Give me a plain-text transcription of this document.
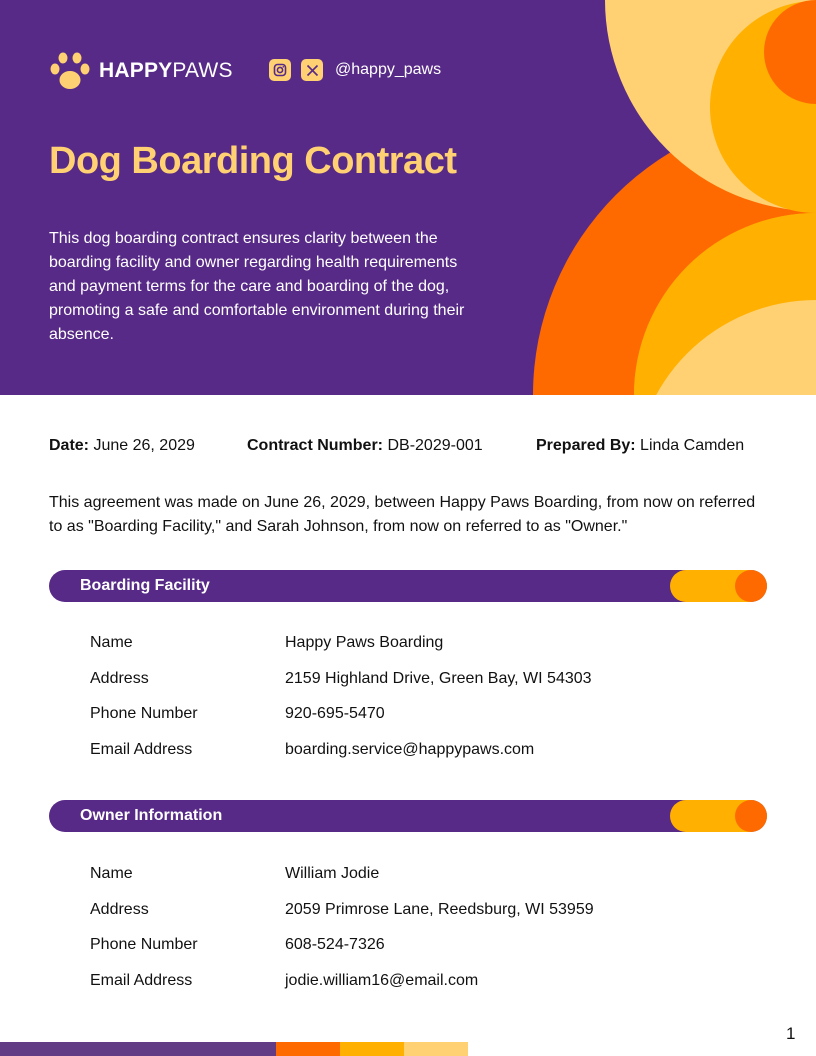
HAPPYPAWS	@happy_paws
Dog Boarding Contract

This dog boarding contract ensures clarity between the boarding facility and owner regarding health requirements and payment terms for the care and boarding of the dog, promoting a safe and comfortable environment during their absence.

Date: June 26, 2029	Contract Number: DB-2029-001	Prepared By: Linda Camden

This agreement was made on June 26, 2029, between Happy Paws Boarding, from now on referred to as "Boarding Facility," and Sarah Johnson, from now on referred to as "Owner."

Boarding Facility
Name	Happy Paws Boarding
Address	2159 Highland Drive, Green Bay, WI 54303
Phone Number	920-695-5470
Email Address	boarding.service@happypaws.com
Owner Information
Name	William Jodie
Address	2059 Primrose Lane, Reedsburg, WI 53959
Phone Number	608-524-7326
Email Address	jodie.william16@email.com
1
